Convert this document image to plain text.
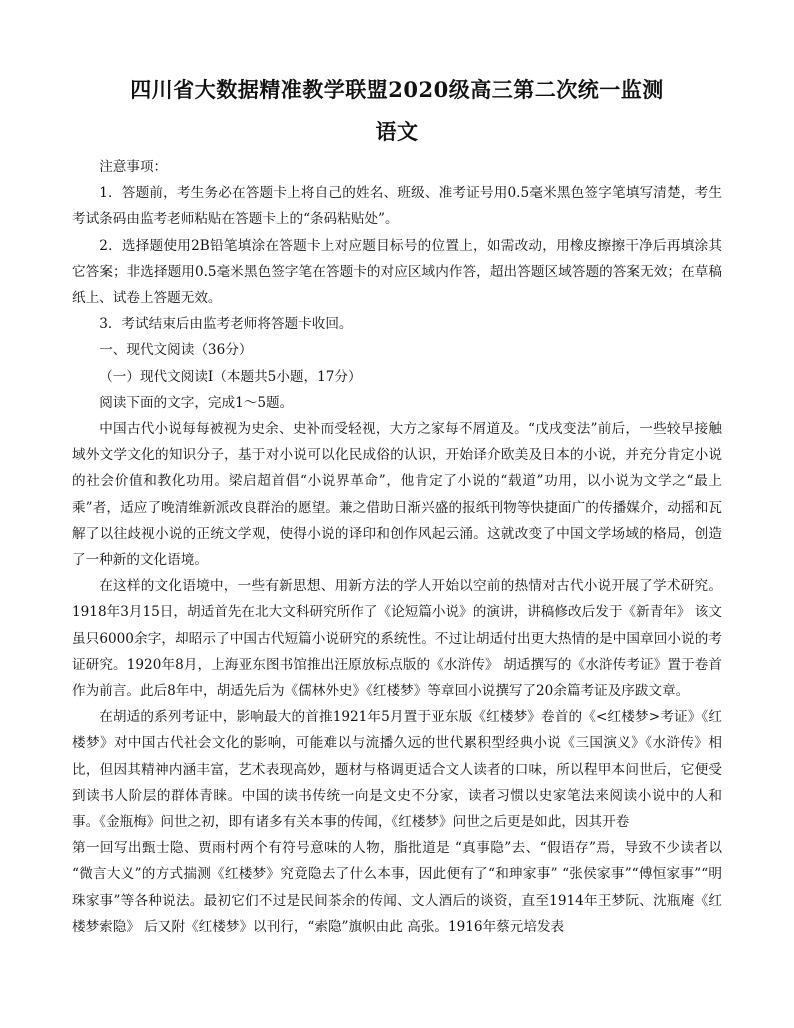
四川省大数据精准教学联盟2020级高三第二次统一监测
语文

注意事项：

1．答题前，考生务必在答题卡上将自己的姓名、班级、准考证号用0.5毫米黑色签字笔填写清楚，考生考试条码由监考老师粘贴在答题卡上的“条码粘贴处”。

2．选择题使用2B铅笔填涂在答题卡上对应题目标号的位置上，如需改动，用橡皮擦擦干净后再填涂其它答案；非选择题用0.5毫米黑色签字笔在答题卡的对应区域内作答，超出答题区域答题的答案无效；在草稿纸上、试卷上答题无效。

3．考试结束后由监考老师将答题卡收回。

一、现代文阅读（36分）

（一）现代文阅读I（本题共5小题，17分）

阅读下面的文字，完成1～5题。

中国古代小说每每被视为史余、史补而受轻视，大方之家每不屑道及。“戊戌变法”前后，一些较早接触域外文学文化的知识分子，基于对小说可以化民成俗的认识，开始译介欧美及日本的小说，并充分肯定小说的社会价值和教化功用。梁启超首倡“小说界革命”，他肯定了小说的“载道”功用，以小说为文学之“最上乘”者，适应了晚清维新派改良群治的愿望。兼之借助日渐兴盛的报纸刊物等快捷面广的传播媒介，动摇和瓦解了以往歧视小说的正统文学观，使得小说的译印和创作风起云涌。这就改变了中国文学场域的格局，创造了一种新的文化语境。

在这样的文化语境中，一些有新思想、用新方法的学人开始以空前的热情对古代小说开展了学术研究。1918年3月15日，胡适首先在北大文科研究所作了《论短篇小说》的演讲，讲稿修改后发于《新青年》 该文虽只6000余字，却昭示了中国古代短篇小说研究的系统性。不过让胡适付出更大热情的是中国章回小说的考证研究。1920年8月，上海亚东图书馆推出汪原放标点版的《水浒传》 胡适撰写的《水浒传考证》置于卷首作为前言。此后8年中，胡适先后为《儒林外史》《红楼梦》等章回小说撰写了20余篇考证及序跋文章。

在胡适的系列考证中，影响最大的首推1921年5月置于亚东版《红楼梦》卷首的《<红楼梦>考证》《红楼梦》对中国古代社会文化的影响，可能难以与流播久远的世代累积型经典小说《三国演义》《水浒传》相比，但因其精神内涵丰富，艺术表现高妙，题材与格调更适合文人读者的口味，所以程甲本问世后，它便受到读书人阶层的群体青睐。中国的读书传统一向是文史不分家，读者习惯以史家笔法来阅读小说中的人和事。《金瓶梅》问世之初，即有诸多有关本事的传闻，《红楼梦》问世之后更是如此，因其开卷

第一回写出甄士隐、贾雨村两个有符号意味的人物，脂批道是 “真事隐”去、“假语存”焉，导致不少读者以 “微言大义”的方式揣测《红楼梦》究竟隐去了什么本事，因此便有了“和珅家事” “张侯家事”“傅恒家事”“明珠家事”等各种说法。最初它们不过是民间茶余的传闻、文人酒后的谈资，直至1914年王梦阮、沈瓶庵《红楼梦索隐》 后又附《红楼梦》以刊行，“索隐”旗帜由此 高张。1916年蔡元培发表
